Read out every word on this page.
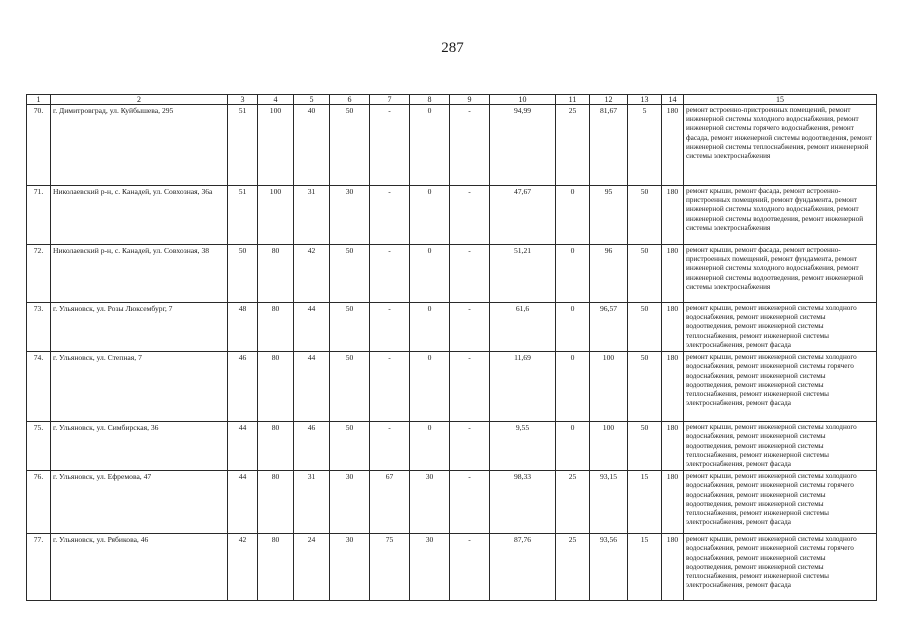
287
1	2	3	4	5	6	7	8	9	10	11	12	13	14	15
70.	г. Димитровград, ул. Куйбышева, 295	51	100	40	50	-	0	-	94,99	25	81,67	5	180	ремонт встроенно-пристроенных помещений, ремонт инженерной системы холодного водоснабжения, ремонт инженерной системы горячего водоснабжения, ремонт фасада, ремонт инженерной системы водоотведения, ремонт инженерной системы теплоснабжения, ремонт инженерной системы электроснабжения
71.	Николаевский р-н, с. Канадей, ул. Совхозная, 36а	51	100	31	30	-	0	-	47,67	0	95	50	180	ремонт крыши, ремонт фасада, ремонт встроенно-пристроенных помещений, ремонт фундамента, ремонт инженерной системы холодного водоснабжения, ремонт инженерной системы водоотведения, ремонт инженерной системы электроснабжения
72.	Николаевский р-н, с. Канадей, ул. Совхозная, 38	50	80	42	50	-	0	-	51,21	0	96	50	180	ремонт крыши, ремонт фасада, ремонт встроенно-пристроенных помещений, ремонт фундамента, ремонт инженерной системы холодного водоснабжения, ремонт инженерной системы водоотведения, ремонт инженерной системы электроснабжения
73.	г. Ульяновск, ул. Розы Люксембург, 7	48	80	44	50	-	0	-	61,6	0	96,57	50	180	ремонт крыши, ремонт инженерной системы холодного водоснабжения, ремонт инженерной системы водоотведения, ремонт инженерной системы теплоснабжения, ремонт инженерной системы электроснабжения, ремонт фасада
74.	г. Ульяновск, ул. Степная, 7	46	80	44	50	-	0	-	11,69	0	100	50	180	ремонт крыши, ремонт инженерной системы холодного водоснабжения, ремонт инженерной системы горячего водоснабжения, ремонт инженерной системы водоотведения, ремонт инженерной системы теплоснабжения, ремонт инженерной системы электроснабжения, ремонт фасада
75.	г. Ульяновск, ул. Симбирская, 36	44	80	46	50	-	0	-	9,55	0	100	50	180	ремонт крыши, ремонт инженерной системы холодного водоснабжения, ремонт инженерной системы водоотведения, ремонт инженерной системы теплоснабжения, ремонт инженерной системы электроснабжения, ремонт фасада
76.	г. Ульяновск, ул. Ефремова, 47	44	80	31	30	67	30	-	98,33	25	93,15	15	180	ремонт крыши, ремонт инженерной системы холодного водоснабжения, ремонт инженерной системы горячего водоснабжения, ремонт инженерной системы водоотведения, ремонт инженерной системы теплоснабжения, ремонт инженерной системы электроснабжения, ремонт фасада
77.	г. Ульяновск, ул. Рябикова, 46	42	80	24	30	75	30	-	87,76	25	93,56	15	180	ремонт крыши, ремонт инженерной системы холодного водоснабжения, ремонт инженерной системы горячего водоснабжения, ремонт инженерной системы водоотведения, ремонт инженерной системы теплоснабжения, ремонт инженерной системы электроснабжения, ремонт фасада
